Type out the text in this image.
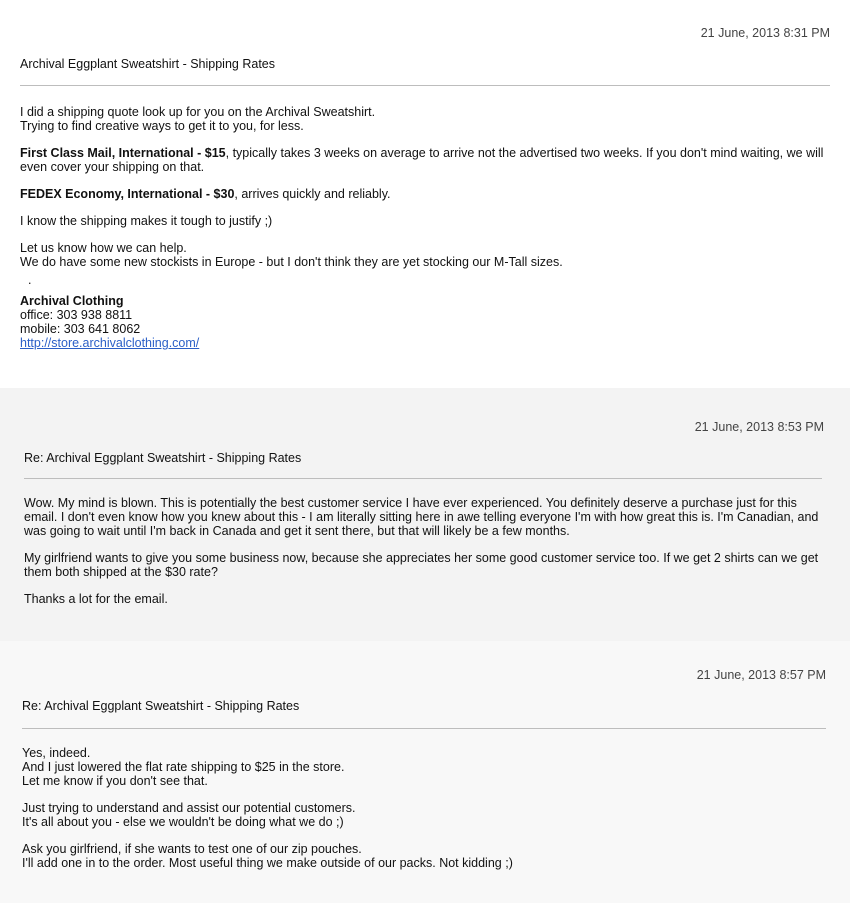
21 June, 2013 8:31 PM
Archival Eggplant Sweatshirt - Shipping Rates
I did a shipping quote look up for you on the Archival Sweatshirt.
Trying to find creative ways to get it to you, for less.
First Class Mail, International - $15, typically takes 3 weeks on average to arrive not the advertised two weeks. If you don't mind waiting, we will even cover your shipping on that.
FEDEX Economy, International - $30, arrives quickly and reliably.
I know the shipping makes it tough to justify ;)
Let us know how we can help.
We do have some new stockists in Europe - but I don't think they are yet stocking our M-Tall sizes.
.
Archival Clothing
office: 303 938 8811
mobile: 303 641 8062
http://store.archivalclothing.com/
21 June, 2013 8:53 PM
Re: Archival Eggplant Sweatshirt - Shipping Rates
Wow. My mind is blown. This is potentially the best customer service I have ever experienced. You definitely deserve a purchase just for this email. I don't even know how you knew about this - I am literally sitting here in awe telling everyone I'm with how great this is. I'm Canadian, and was going to wait until I'm back in Canada and get it sent there, but that will likely be a few months.
My girlfriend wants to give you some business now, because she appreciates her some good customer service too. If we get 2 shirts can we get them both shipped at the $30 rate?
Thanks a lot for the email.
21 June, 2013 8:57 PM
Re: Archival Eggplant Sweatshirt - Shipping Rates
Yes, indeed.
And I just lowered the flat rate shipping to $25 in the store.
Let me know if you don't see that.
Just trying to understand and assist our potential customers.
It's all about you - else we wouldn't be doing what we do ;)
Ask you girlfriend, if she wants to test one of our zip pouches.
I'll add one in to the order. Most useful thing we make outside of our packs. Not kidding ;)
